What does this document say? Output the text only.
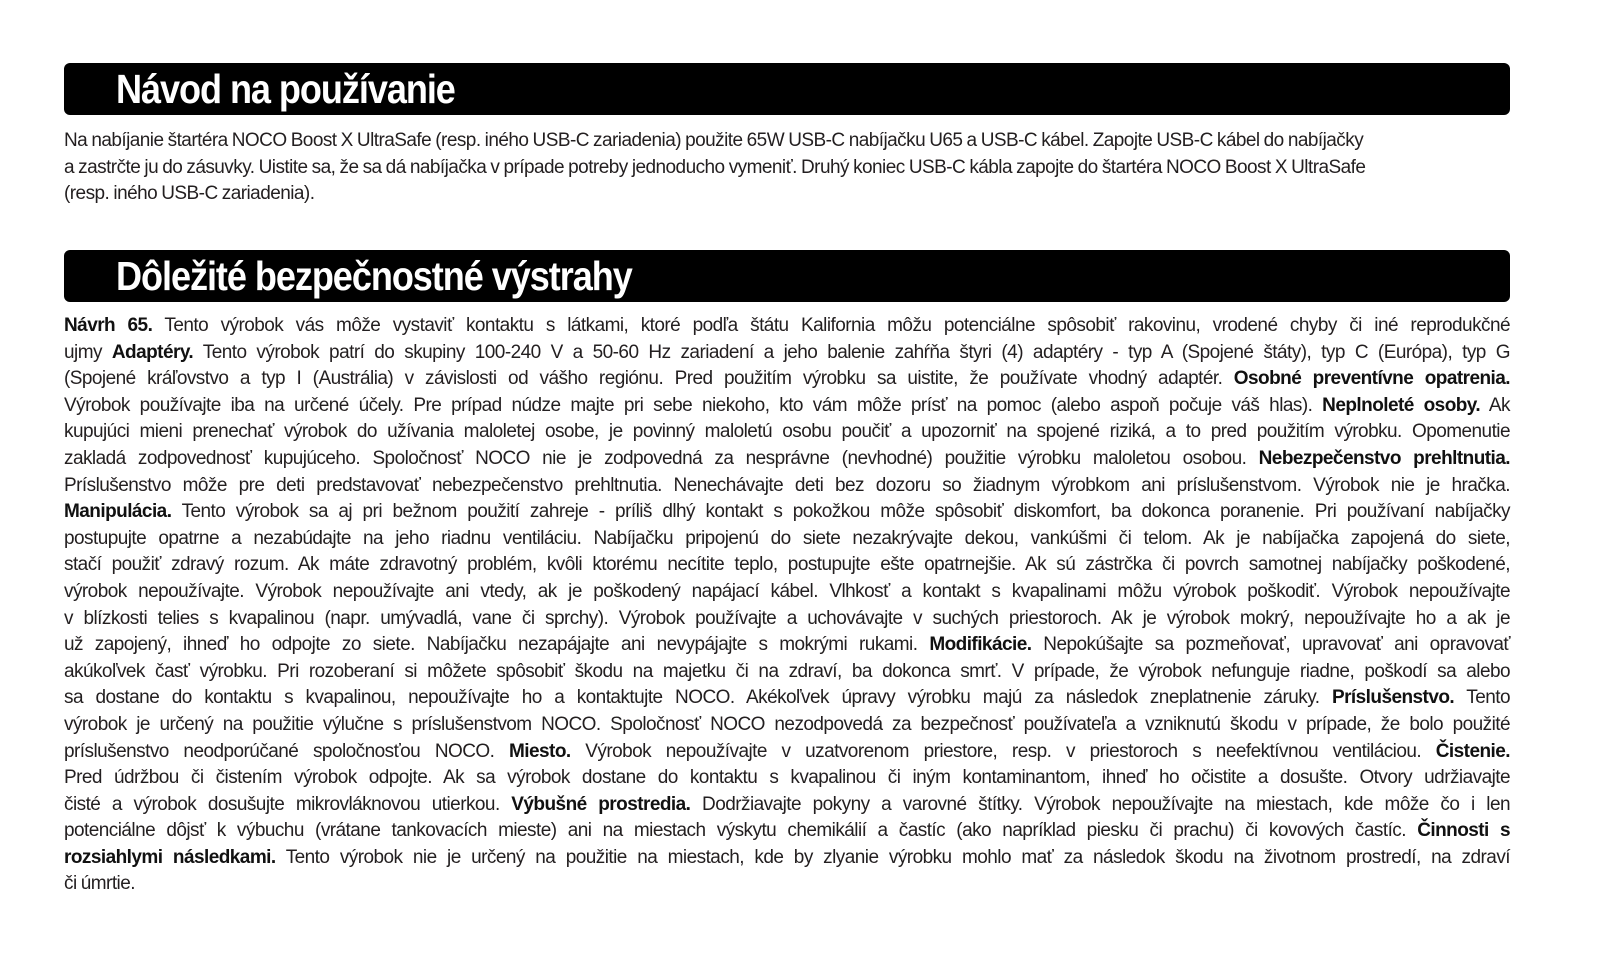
Návod na používanie
Na nabíjanie štartéra NOCO Boost X UltraSafe (resp. iného USB-C zariadenia) použite 65W USB-C nabíjačku U65 a USB-C kábel. Zapojte USB-C kábel do nabíjačky
a zastrčte ju do zásuvky. Uistite sa, že sa dá nabíjačka v prípade potreby jednoducho vymeniť. Druhý koniec USB-C kábla zapojte do štartéra NOCO Boost X UltraSafe
(resp. iného USB-C zariadenia).
Dôležité bezpečnostné výstrahy
Návrh 65. Tento výrobok vás môže vystaviť kontaktu s látkami, ktoré podľa štátu Kalifornia môžu potenciálne spôsobiť rakovinu, vrodené chyby či iné reprodukčné
ujmy Adaptéry. Tento výrobok patrí do skupiny 100-240 V a 50-60 Hz zariadení a jeho balenie zahŕňa štyri (4) adaptéry - typ A (Spojené štáty), typ C (Európa), typ G
(Spojené kráľovstvo a typ I (Austrália) v závislosti od vášho regiónu. Pred použitím výrobku sa uistite, že používate vhodný adaptér. Osobné preventívne opatrenia.
Výrobok používajte iba na určené účely. Pre prípad núdze majte pri sebe niekoho, kto vám môže prísť na pomoc (alebo aspoň počuje váš hlas). Neplnoleté osoby. Ak
kupujúci mieni prenechať výrobok do užívania maloletej osobe, je povinný maloletú osobu poučiť a upozorniť na spojené riziká, a to pred použitím výrobku. Opomenutie
zakladá zodpovednosť kupujúceho. Spoločnosť NOCO nie je zodpovedná za nesprávne (nevhodné) použitie výrobku maloletou osobou. Nebezpečenstvo prehltnutia.
Príslušenstvo môže pre deti predstavovať nebezpečenstvo prehltnutia. Nenechávajte deti bez dozoru so žiadnym výrobkom ani príslušenstvom. Výrobok nie je hračka.
Manipulácia. Tento výrobok sa aj pri bežnom použití zahreje - príliš dlhý kontakt s pokožkou môže spôsobiť diskomfort, ba dokonca poranenie. Pri používaní nabíjačky
postupujte opatrne a nezabúdajte na jeho riadnu ventiláciu. Nabíjačku pripojenú do siete nezakrývajte dekou, vankúšmi či telom. Ak je nabíjačka zapojená do siete,
stačí použiť zdravý rozum. Ak máte zdravotný problém, kvôli ktorému necítite teplo, postupujte ešte opatrnejšie. Ak sú zástrčka či povrch samotnej nabíjačky poškodené,
výrobok nepoužívajte. Výrobok nepoužívajte ani vtedy, ak je poškodený napájací kábel. Vlhkosť a kontakt s kvapalinami môžu výrobok poškodiť. Výrobok nepoužívajte
v blízkosti telies s kvapalinou (napr. umývadlá, vane či sprchy). Výrobok používajte a uchovávajte v suchých priestoroch. Ak je výrobok mokrý, nepoužívajte ho a ak je
už zapojený, ihneď ho odpojte zo siete. Nabíjačku nezapájajte ani nevypájajte s mokrými rukami. Modifikácie. Nepokúšajte sa pozmeňovať, upravovať ani opravovať
akúkoľvek časť výrobku. Pri rozoberaní si môžete spôsobiť škodu na majetku či na zdraví, ba dokonca smrť. V prípade, že výrobok nefunguje riadne, poškodí sa alebo
sa dostane do kontaktu s kvapalinou, nepoužívajte ho a kontaktujte NOCO. Akékoľvek úpravy výrobku majú za následok zneplatnenie záruky. Príslušenstvo. Tento
výrobok je určený na použitie výlučne s príslušenstvom NOCO. Spoločnosť NOCO nezodpovedá za bezpečnosť používateľa a vzniknutú škodu v prípade, že bolo použité
príslušenstvo neodporúčané spoločnosťou NOCO. Miesto. Výrobok nepoužívajte v uzatvorenom priestore, resp. v priestoroch s neefektívnou ventiláciou. Čistenie.
Pred údržbou či čistením výrobok odpojte. Ak sa výrobok dostane do kontaktu s kvapalinou či iným kontaminantom, ihneď ho očistite a dosušte. Otvory udržiavajte
čisté a výrobok dosušujte mikrovláknovou utierkou. Výbušné prostredia. Dodržiavajte pokyny a varovné štítky. Výrobok nepoužívajte na miestach, kde môže čo i len
potenciálne dôjsť k výbuchu (vrátane tankovacích mieste) ani na miestach výskytu chemikálií a častíc (ako napríklad piesku či prachu) či kovových častíc. Činnosti s
rozsiahlymi následkami. Tento výrobok nie je určený na použitie na miestach, kde by zlyanie výrobku mohlo mať za následok škodu na životnom prostredí, na zdraví
či úmrtie.
